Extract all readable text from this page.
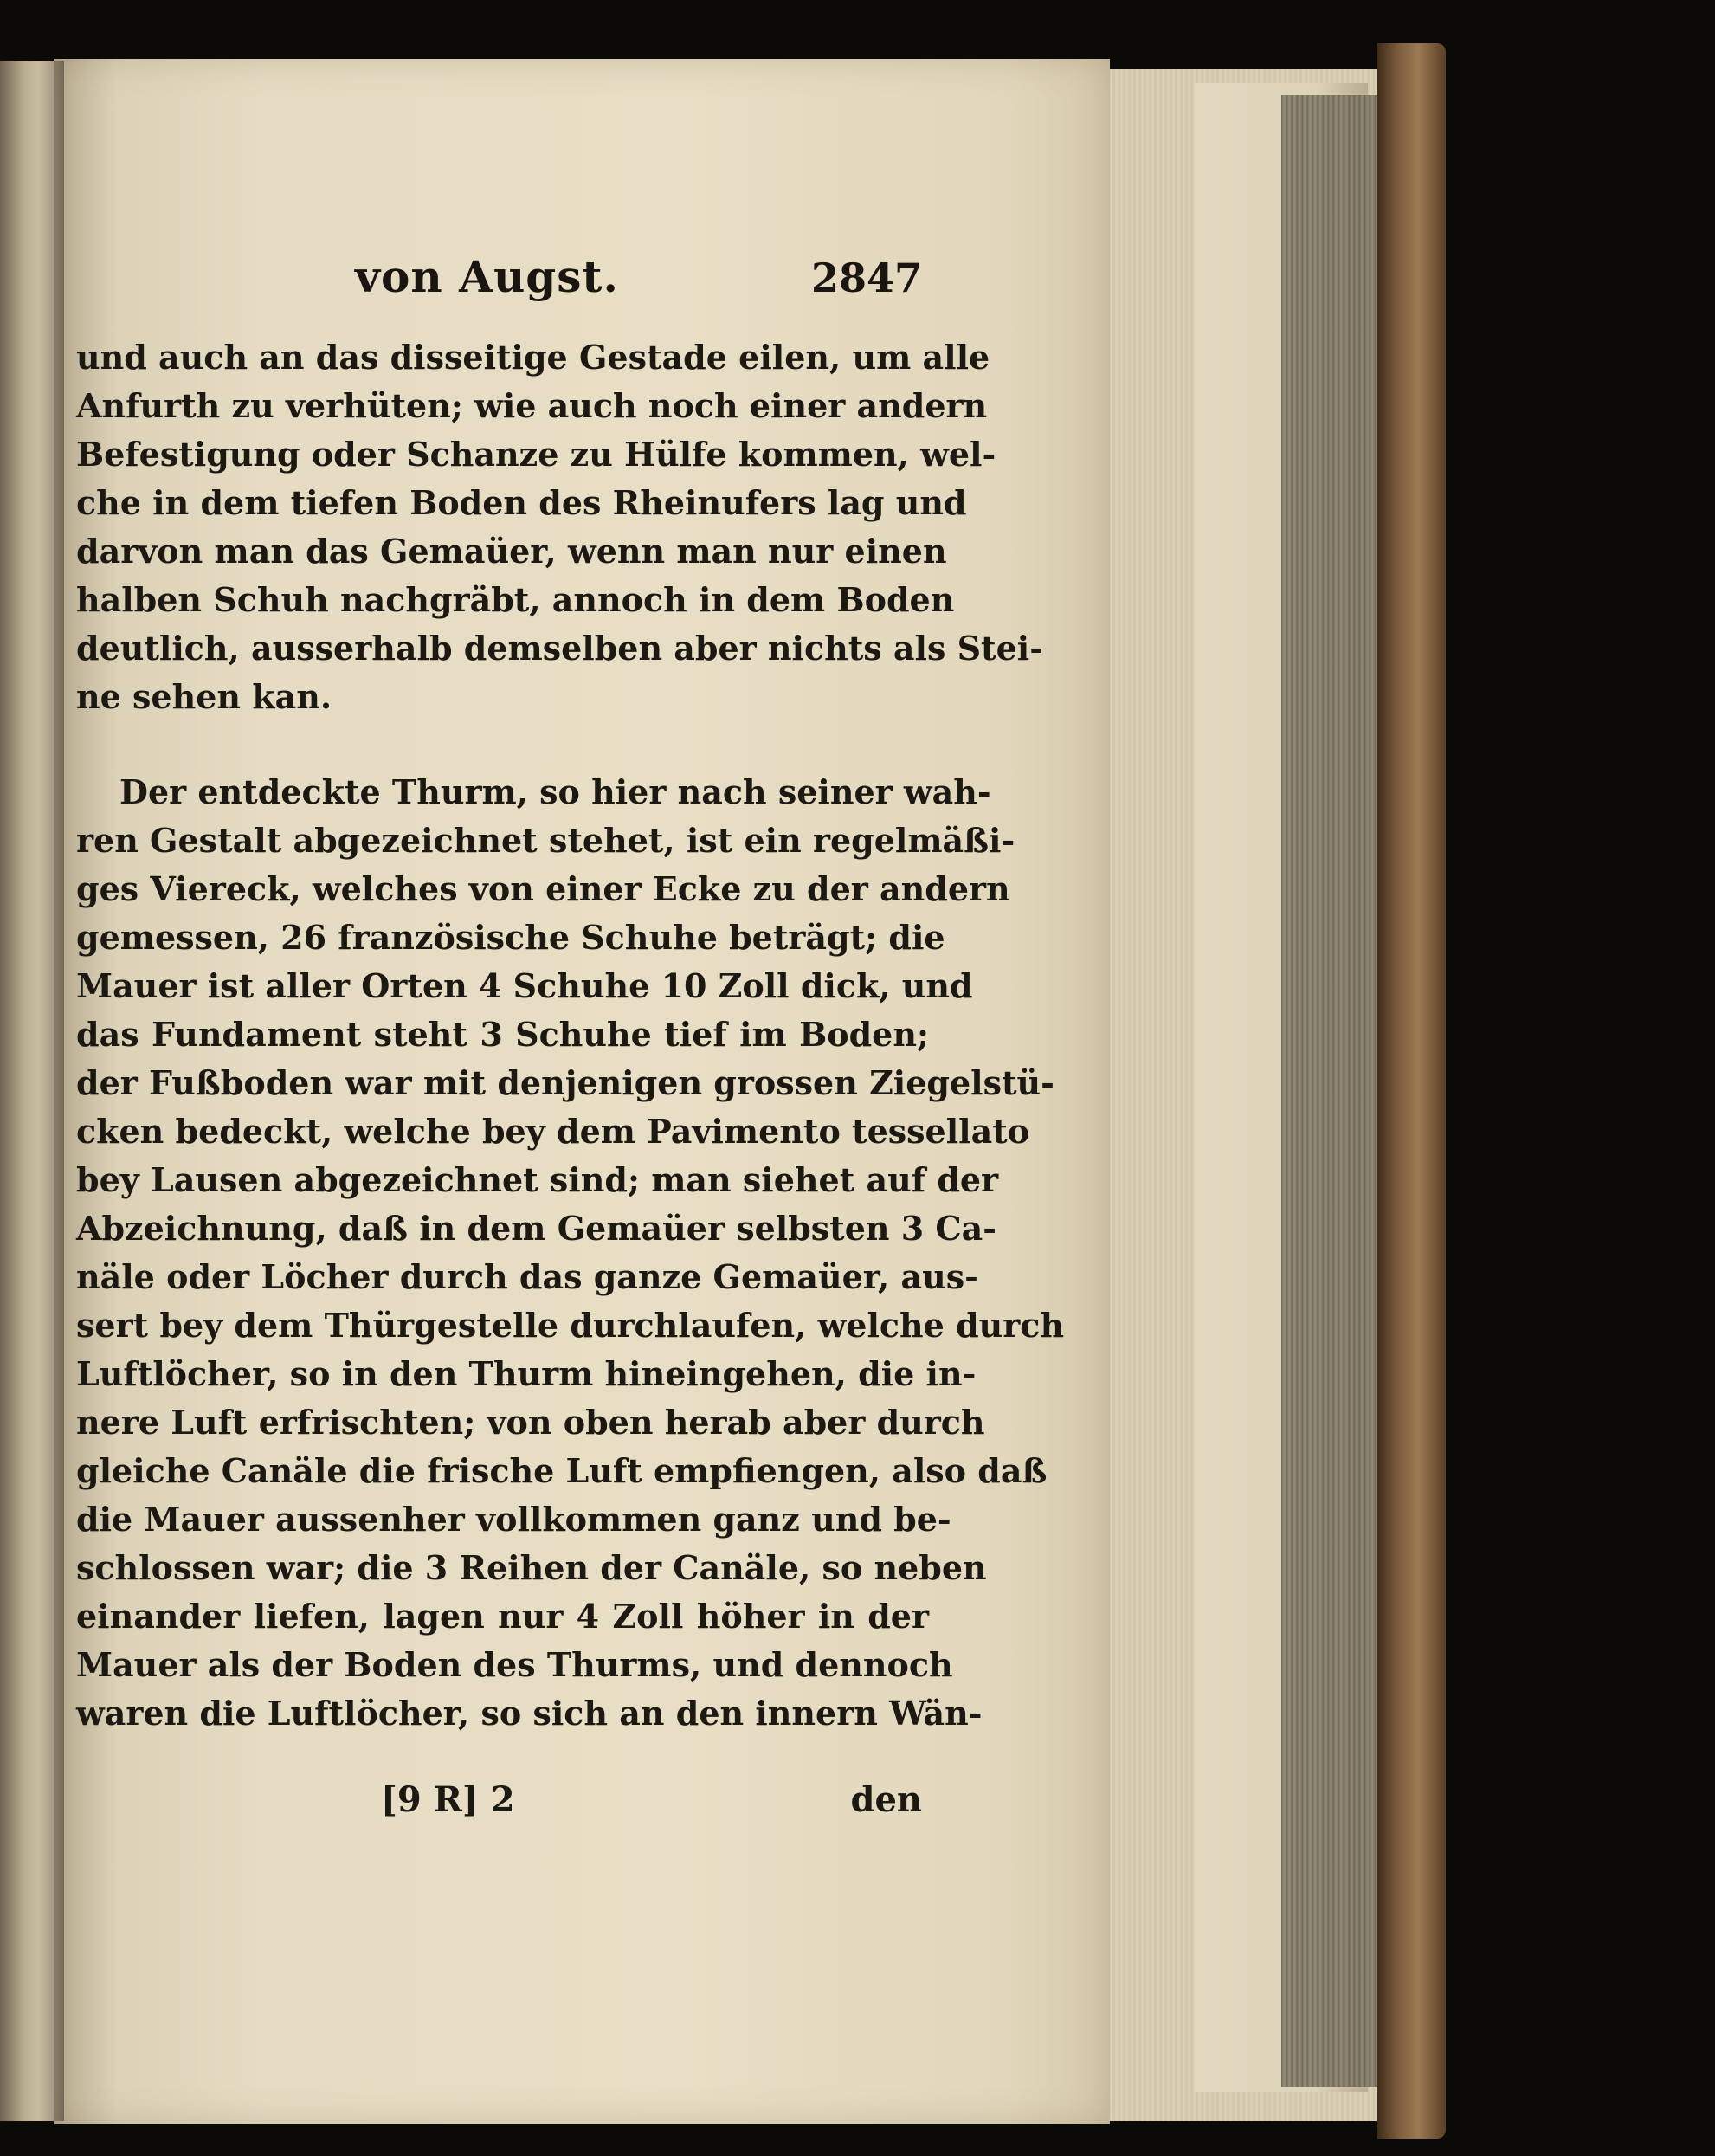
von Augst.	2847
und auch an das disseitige Gestade eilen, um alle
Anfurth zu verhüten; wie auch noch einer andern
Befestigung oder Schanze zu Hülfe kommen, wel-
che in dem tiefen Boden des Rheinufers lag und
darvon man das Gemaüer, wenn man nur einen
halben Schuh nachgräbt, annoch in dem Boden
deutlich, ausserhalb demselben aber nichts als Stei-
ne sehen kan.
Der entdeckte Thurm, so hier nach seiner wah-
ren Gestalt abgezeichnet stehet, ist ein regelmäßi-
ges Viereck, welches von einer Ecke zu der andern
gemessen, 26 französische Schuhe beträgt; die
Mauer ist aller Orten 4 Schuhe 10 Zoll dick, und
das Fundament steht 3 Schuhe tief im Boden;
der Fußboden war mit denjenigen grossen Ziegelstü-
cken bedeckt, welche bey dem Pavimento tessellato
bey Lausen abgezeichnet sind; man siehet auf der
Abzeichnung, daß in dem Gemaüer selbsten 3 Ca-
näle oder Löcher durch das ganze Gemaüer, aus-
sert bey dem Thürgestelle durchlaufen, welche durch
Luftlöcher, so in den Thurm hineingehen, die in-
nere Luft erfrischten; von oben herab aber durch
gleiche Canäle die frische Luft empfiengen, also daß
die Mauer aussenher vollkommen ganz und be-
schlossen war; die 3 Reihen der Canäle, so neben
einander liefen, lagen nur 4 Zoll höher in der
Mauer als der Boden des Thurms, und dennoch
waren die Luftlöcher, so sich an den innern Wän-
[9 R] 2	den
